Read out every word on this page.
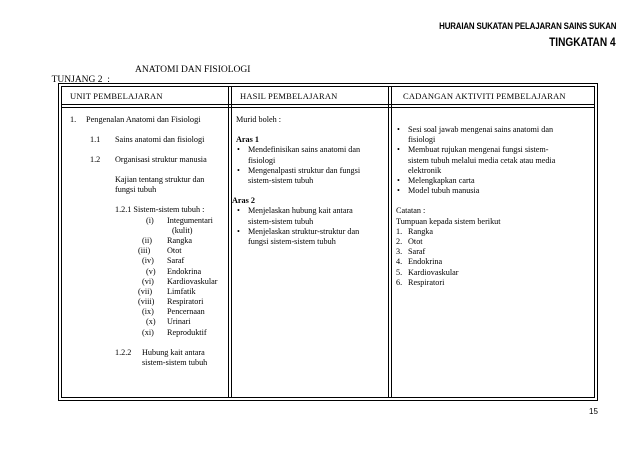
HURAIAN SUKATAN PELAJARAN SAINS SUKAN
TINGKATAN 4

TUNJANG 2  :

ANATOMI DAN FISIOLOGI

UNIT PEMBELAJARAN	HASIL PEMBELAJARAN	CADANGAN AKTIVITI PEMBELAJARAN
1. Pengenalan Anatomi dan Fisiologi
1.1 Sains anatomi dan fisiologi
1.2 Organisasi struktur manusia
Kajian tentang struktur dan
fungsi tubuh
1.2.1 Sistem-sistem tubuh :
(i) Integumentari
(kulit)
(ii) Rangka
(iii) Otot
(iv) Saraf
(v) Endokrina
(vi) Kardiovaskular
(vii) Limfatik
(viii) Respiratori
(ix) Pencernaan
(x) Urinari
(xi) Reproduktif
1.2.2 Hubung kait antara
sistem-sistem tubuh
Murid boleh :
Aras 1
• Mendefinisikan sains anatomi dan
fisiologi
• Mengenalpasti struktur dan fungsi
sistem-sistem tubuh
Aras 2
• Menjelaskan hubung kait antara
sistem-sistem tubuh
• Menjelaskan struktur-struktur dan
fungsi sistem-sistem tubuh
• Sesi soal jawab mengenai sains anatomi dan
fisiologi
• Membuat rujukan mengenai fungsi sistem-
sistem tubuh melalui media cetak atau media
elektronik
• Melengkapkan carta
• Model tubuh manusia
Catatan :
Tumpuan kepada sistem berikut
1. Rangka
2. Otot
3. Saraf
4. Endokrina
5. Kardiovaskular
6. Respiratori
15
